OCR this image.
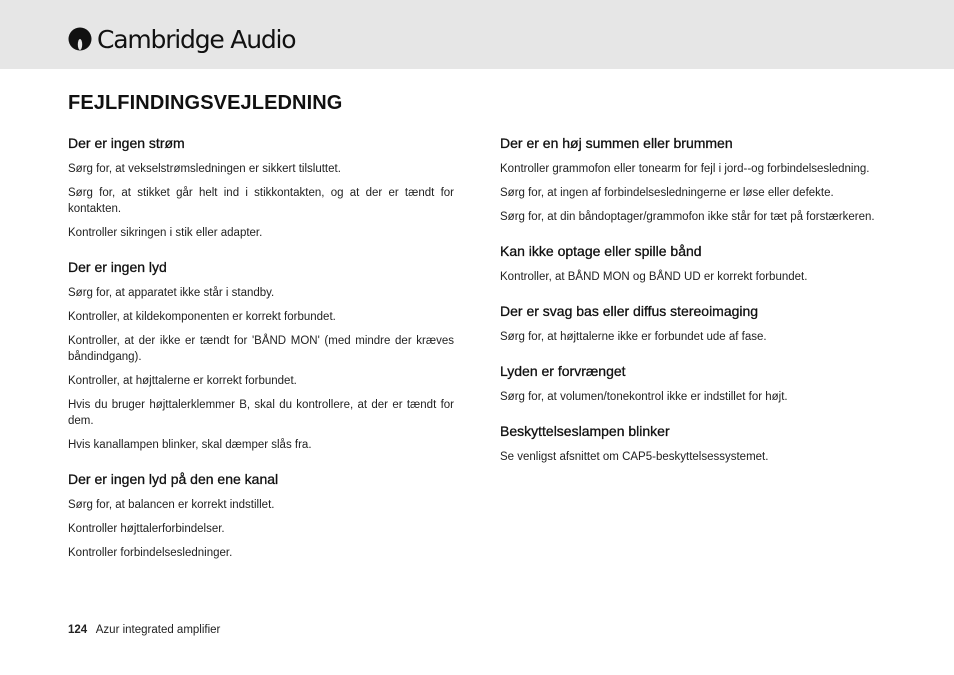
Cambridge Audio
FEJLFINDINGSVEJLEDNING
Der er ingen strøm

Sørg for, at vekselstrømsledningen er sikkert tilsluttet.

Sørg for, at stikket går helt ind i stikkontakten, og at der er tændt for kontakten.

Kontroller sikringen i stik eller adapter.

Der er ingen lyd

Sørg for, at apparatet ikke står i standby.

Kontroller, at kildekomponenten er korrekt forbundet.

Kontroller, at der ikke er tændt for 'BÅND MON' (med mindre der kræves båndindgang).

Kontroller, at højttalerne er korrekt forbundet.

Hvis du bruger højttalerklemmer B, skal du kontrollere, at der er tændt for dem.

Hvis kanallampen blinker, skal dæmper slås fra.

Der er ingen lyd på den ene kanal

Sørg for, at balancen er korrekt indstillet.

Kontroller højttalerforbindelser.

Kontroller forbindelsesledninger.

Der er en høj summen eller brummen

Kontroller grammofon eller tonearm for fejl i jord--og forbindelsesledning.

Sørg for, at ingen af forbindelsesledningerne er løse eller defekte.

Sørg for, at din båndoptager/grammofon ikke står for tæt på forstærkeren.

Kan ikke optage eller spille bånd

Kontroller, at BÅND MON og BÅND UD er korrekt forbundet.

Der er svag bas eller diffus stereoimaging

Sørg for, at højttalerne ikke er forbundet ude af fase.

Lyden er forvrænget

Sørg for, at volumen/tonekontrol ikke er indstillet for højt.

Beskyttelseslampen blinker

Se venligst afsnittet om CAP5-beskyttelsessystemet.

124 Azur integrated amplifier
